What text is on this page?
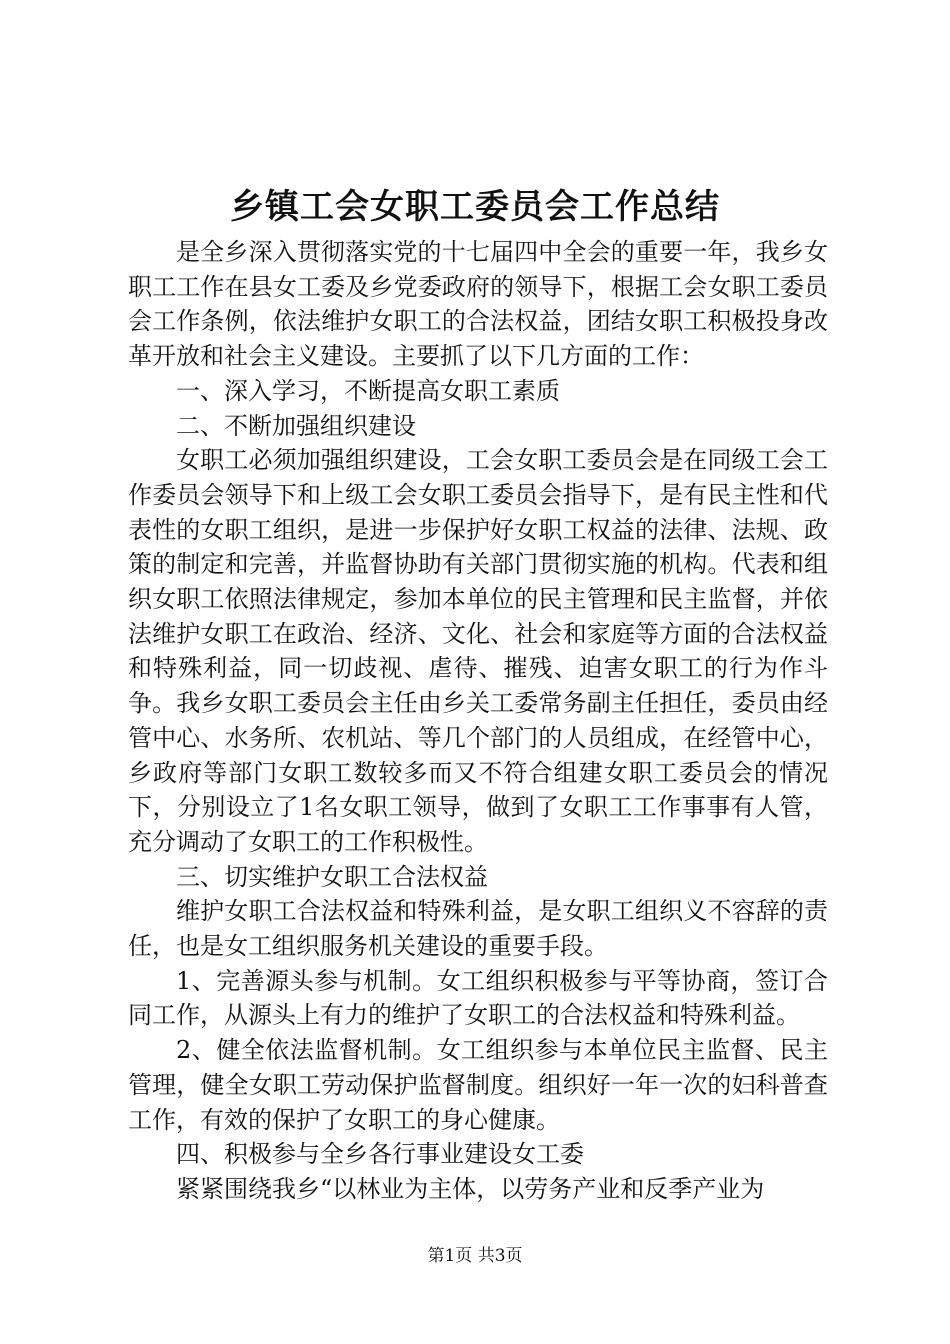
乡镇工会女职工委员会工作总结

是全乡深入贯彻落实党的十七届四中全会的重要一年，我乡女职工工作在县女工委及乡党委政府的领导下，根据工会女职工委员会工作条例，依法维护女职工的合法权益，团结女职工积极投身改革开放和社会主义建设。主要抓了以下几方面的工作：

一、深入学习，不断提高女职工素质

二、不断加强组织建设

女职工必须加强组织建设，工会女职工委员会是在同级工会工作委员会领导下和上级工会女职工委员会指导下，是有民主性和代表性的女职工组织，是进一步保护好女职工权益的法律、法规、政策的制定和完善，并监督协助有关部门贯彻实施的机构。代表和组织女职工依照法律规定，参加本单位的民主管理和民主监督，并依法维护女职工在政治、经济、文化、社会和家庭等方面的合法权益和特殊利益，同一切歧视、虐待、摧残、迫害女职工的行为作斗争。我乡女职工委员会主任由乡关工委常务副主任担任，委员由经管中心、水务所、农机站、等几个部门的人员组成，在经管中心，乡政府等部门女职工数较多而又不符合组建女职工委员会的情况下，分别设立了1名女职工领导，做到了女职工工作事事有人管，充分调动了女职工的工作积极性。

三、切实维护女职工合法权益

维护女职工合法权益和特殊利益，是女职工组织义不容辞的责任，也是女工组织服务机关建设的重要手段。

1、完善源头参与机制。女工组织积极参与平等协商，签订合同工作，从源头上有力的维护了女职工的合法权益和特殊利益。

2、健全依法监督机制。女工组织参与本单位民主监督、民主管理，健全女职工劳动保护监督制度。组织好一年一次的妇科普查工作，有效的保护了女职工的身心健康。

四、积极参与全乡各行事业建设女工委

紧紧围绕我乡“以林业为主体，以劳务产业和反季产业为

第1页 共3页
